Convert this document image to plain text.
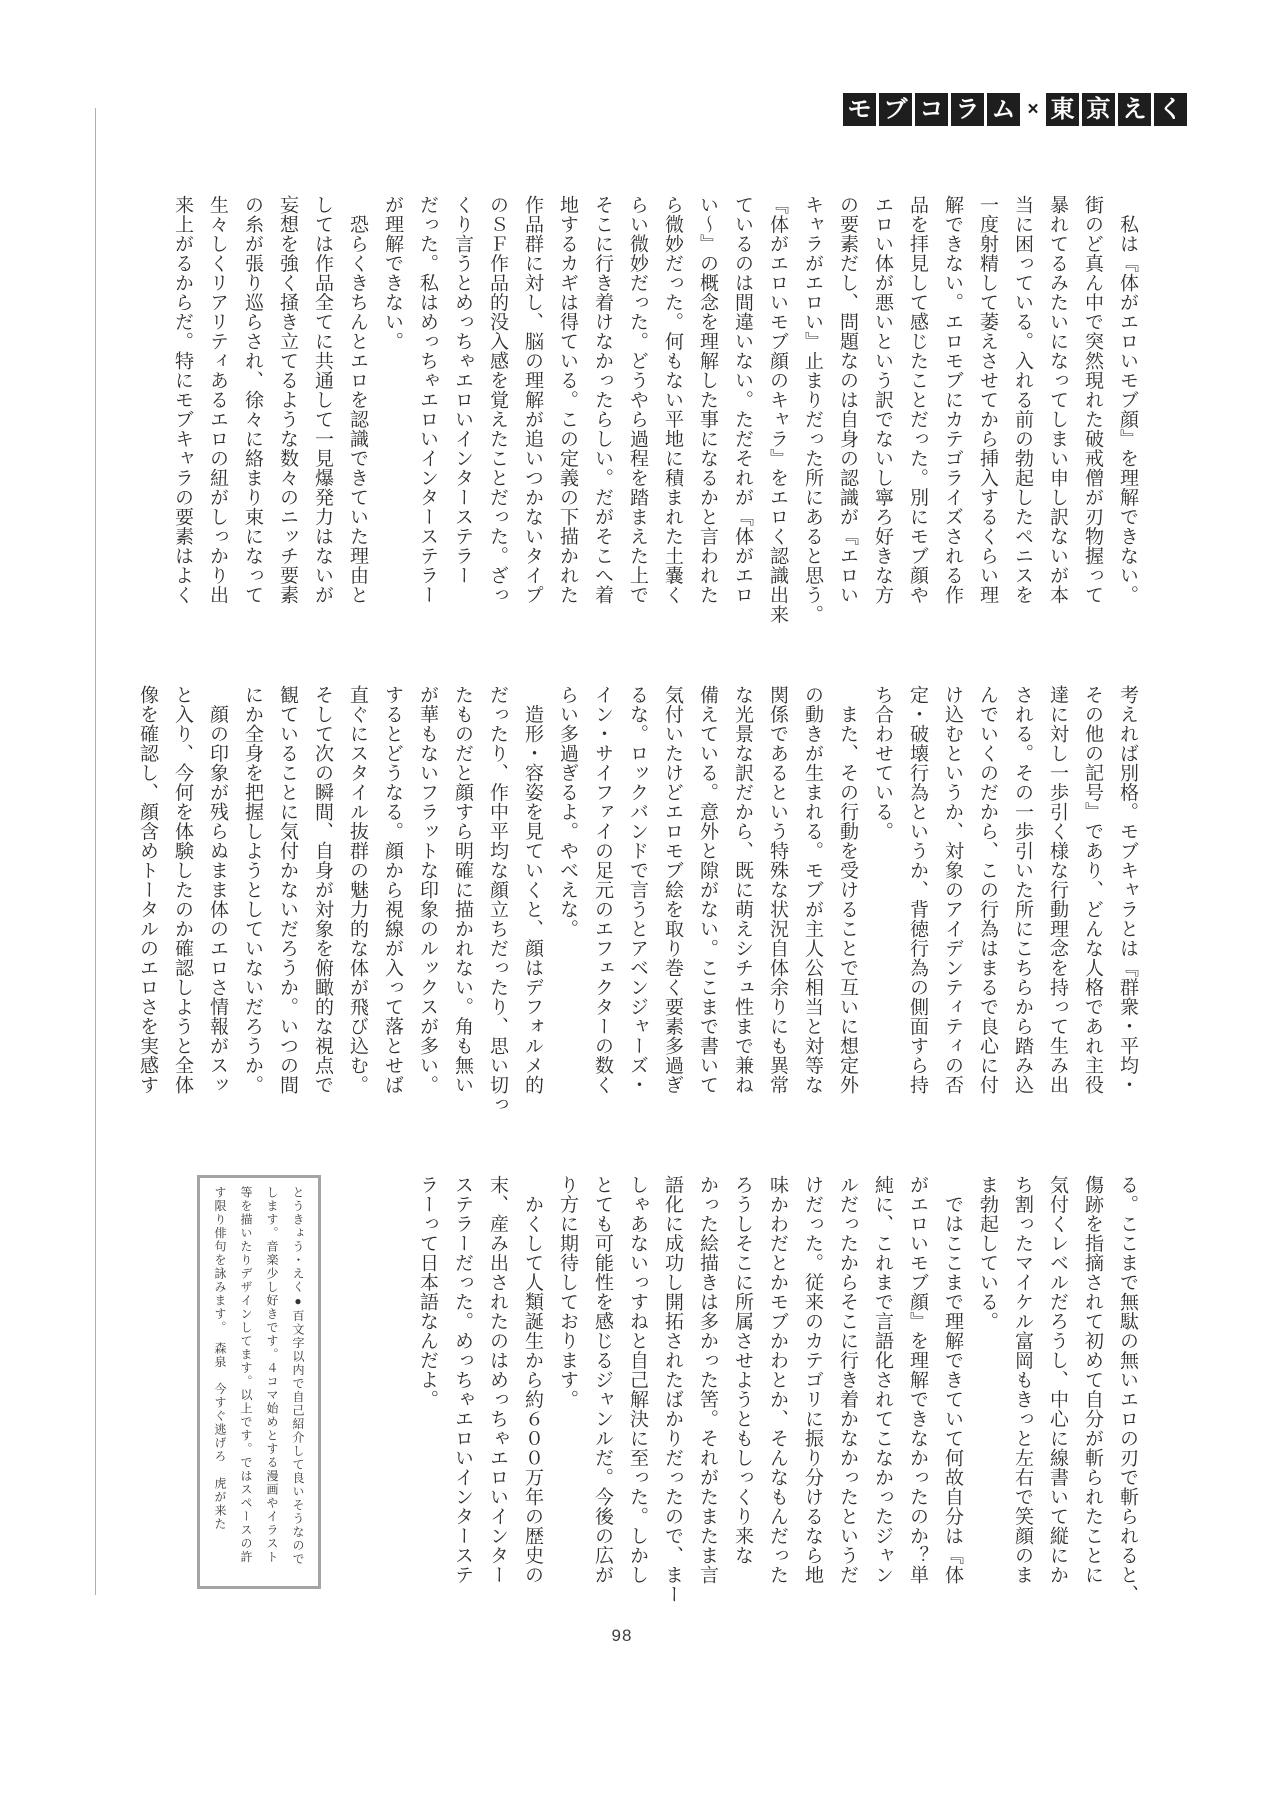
モ ブ コ ラ ム × 東 京 え く
　私は『体がエロいモブ顔』を理解できない。
街のど真ん中で突然現れた破戒僧が刃物握って
暴れてるみたいになってしまい申し訳ないが本
当に困っている。入れる前の勃起したペニスを
一度射精して萎えさせてから挿入するくらい理
解できない。エロモブにカテゴライズされる作
品を拝見して感じたことだった。別にモブ顔や
エロい体が悪いという訳でないし寧ろ好きな方
の要素だし、問題なのは自身の認識が『エロい
キャラがエロい』止まりだった所にあると思う。
『体がエロいモブ顔のキャラ』をエロく認識出来
ているのは間違いない。ただそれが『体がエロ
い〜』の概念を理解した事になるかと言われた
ら微妙だった。何もない平地に積まれた土嚢く
らい微妙だった。どうやら過程を踏まえた上で
そこに行き着けなかったらしい。だがそこへ着
地するカギは得ている。この定義の下描かれた
作品群に対し、脳の理解が追いつかないタイプ
のＳＦ作品的没入感を覚えたことだった。ざっ
くり言うとめっちゃエロいインターステラー
だった。私はめっちゃエロいインターステラー
が理解できない。
　恐らくきちんとエロを認識できていた理由と
しては作品全てに共通して一見爆発力はないが
妄想を強く掻き立てるような数々のニッチ要素
の糸が張り巡らされ、徐々に絡まり束になって
生々しくリアリティあるエロの紐がしっかり出
来上がるからだ。特にモブキャラの要素はよく
考えれば別格。モブキャラとは『群衆・平均・
その他の記号』であり、どんな人格であれ主役
達に対し一歩引く様な行動理念を持って生み出
される。その一歩引いた所にこちらから踏み込
んでいくのだから、この行為はまるで良心に付
け込むというか、対象のアイデンティティの否
定・破壊行為というか、背徳行為の側面すら持
ち合わせている。
　また、その行動を受けることで互いに想定外
の動きが生まれる。モブが主人公相当と対等な
関係であるという特殊な状況自体余りにも異常
な光景な訳だから、既に萌えシチュ性まで兼ね
備えている。意外と隙がない。ここまで書いて
気付いたけどエロモブ絵を取り巻く要素多過ぎ
るな。ロックバンドで言うとアベンジャーズ・
イン・サイファイの足元のエフェクターの数く
らい多過ぎるよ。やべえな。
　造形・容姿を見ていくと、顔はデフォルメ的
だったり、作中平均な顔立ちだったり、思い切っ
たものだと顔すら明確に描かれない。角も無い
が華もないフラットな印象のルックスが多い。
するとどうなる。顔から視線が入って落とせば
直ぐにスタイル抜群の魅力的な体が飛び込む。
そして次の瞬間、自身が対象を俯瞰的な視点で
観ていることに気付かないだろうか。いつの間
にか全身を把握しようとしていないだろうか。
　顔の印象が残らぬまま体のエロさ情報がスッ
と入り、今何を体験したのか確認しようと全体
像を確認し、顔含めトータルのエロさを実感す
る。ここまで無駄の無いエロの刃で斬られると、
傷跡を指摘されて初めて自分が斬られたことに
気付くレベルだろうし、中心に線書いて縦にか
ち割ったマイケル富岡もきっと左右で笑顔のま
ま勃起している。
　ではここまで理解できていて何故自分は『体
がエロいモブ顔』を理解できなかったのか？単
純に、これまで言語化されてこなかったジャン
ルだったからそこに行き着かなかったというだ
けだった。従来のカテゴリに振り分けるなら地
味かわだとかモブかわとか、そんなもんだった
ろうしそこに所属させようともしっくり来な
かった絵描きは多かった筈。それがたまたま言
語化に成功し開拓されたばかりだったので、まー
しゃあないっすねと自己解決に至った。しかし
とても可能性を感じるジャンルだ。今後の広が
り方に期待しております。
　かくして人類誕生から約６００万年の歴史の
末、産み出されたのはめっちゃエロいインター
ステラーだった。めっちゃエロいインターステ
ラーって日本語なんだよ。
とうきょう・えく●百文字以内で自己紹介して良いそうなので
します。音楽少し好きです。４コマ始めとする漫画やイラスト
等を描いたりデザインしてます。以上です。ではスペースの許
す限り俳句を詠みます。　森泉　今すぐ逃げろ　虎が来た
98
